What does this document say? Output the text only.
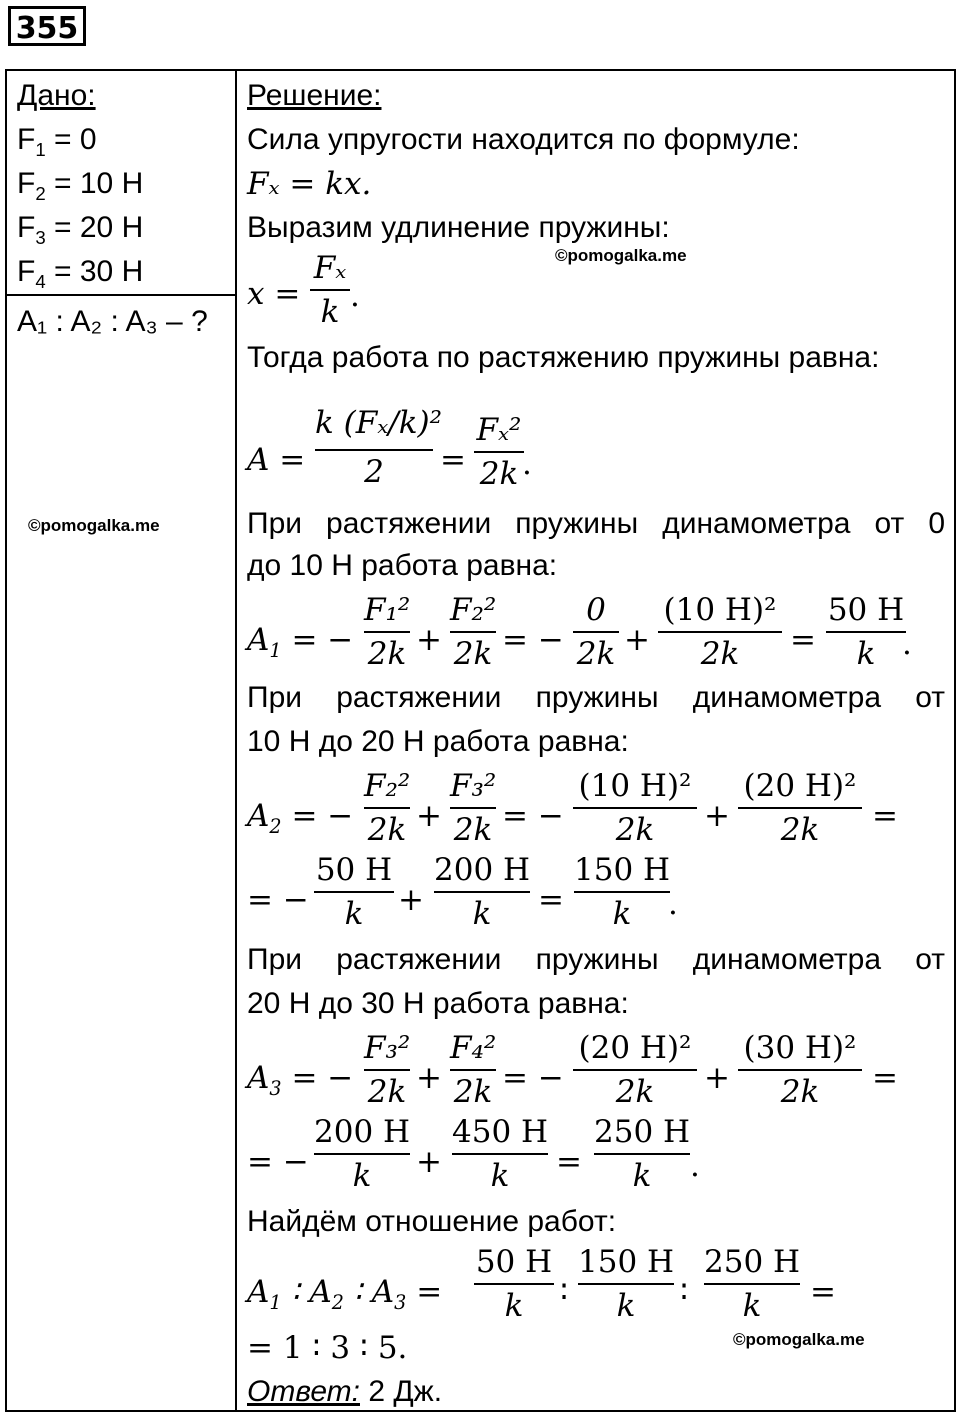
355
Дано:
$F_1 = 0$
$F_2 = 10$ Н
$F_3 = 20$ Н
$F_4 = 30$ Н
A₁ : A₂ : A₃ – ?
©pomogalka.me
©pomogalka.me
©pomogalka.me
Решение:
Сила упругости находится по формуле:
Fₓ = kx.
Выразим удлинение пружины:
x =
Fₓ
k .
Тогда работа по растяжению пружины равна:
A =
k (Fₓ/k)²
2	=
Fₓ²
2k .
При растяжении пружины динамометра от 0
до 10 Н работа равна:
$A_1$ = −
F₁²
2k +
F₂²
2k = −
0
2k +
(10 Н)²
2k	=
50 Н
k .
При растяжении пружины динамометра от
10 Н до 20 Н работа равна:
$A_2$ = −
F₂²
2k +
F₃²
2k = −
(10 Н)²
2k	+
(20 Н)²
2k	=
= −
50 Н
k	+
200 Н
k	=
150 Н
k	.
При растяжении пружины динамометра от
20 Н до 30 Н работа равна:
$A_3$ = −
F₃²
2k +
F₄²
2k = −
(20 Н)²
2k	+
(30 Н)²
2k	=
= −
200 Н
k	+
450 Н
k	=
250 Н
k	.
Найдём отношение работ:
$A_1$ ∶ $A_2$ ∶ $A_3$ =
50 Н
k	∶
150 Н
k	∶
250 Н
k	=
= 1 ∶ 3 ∶ 5.
Ответ: 2 Дж.
